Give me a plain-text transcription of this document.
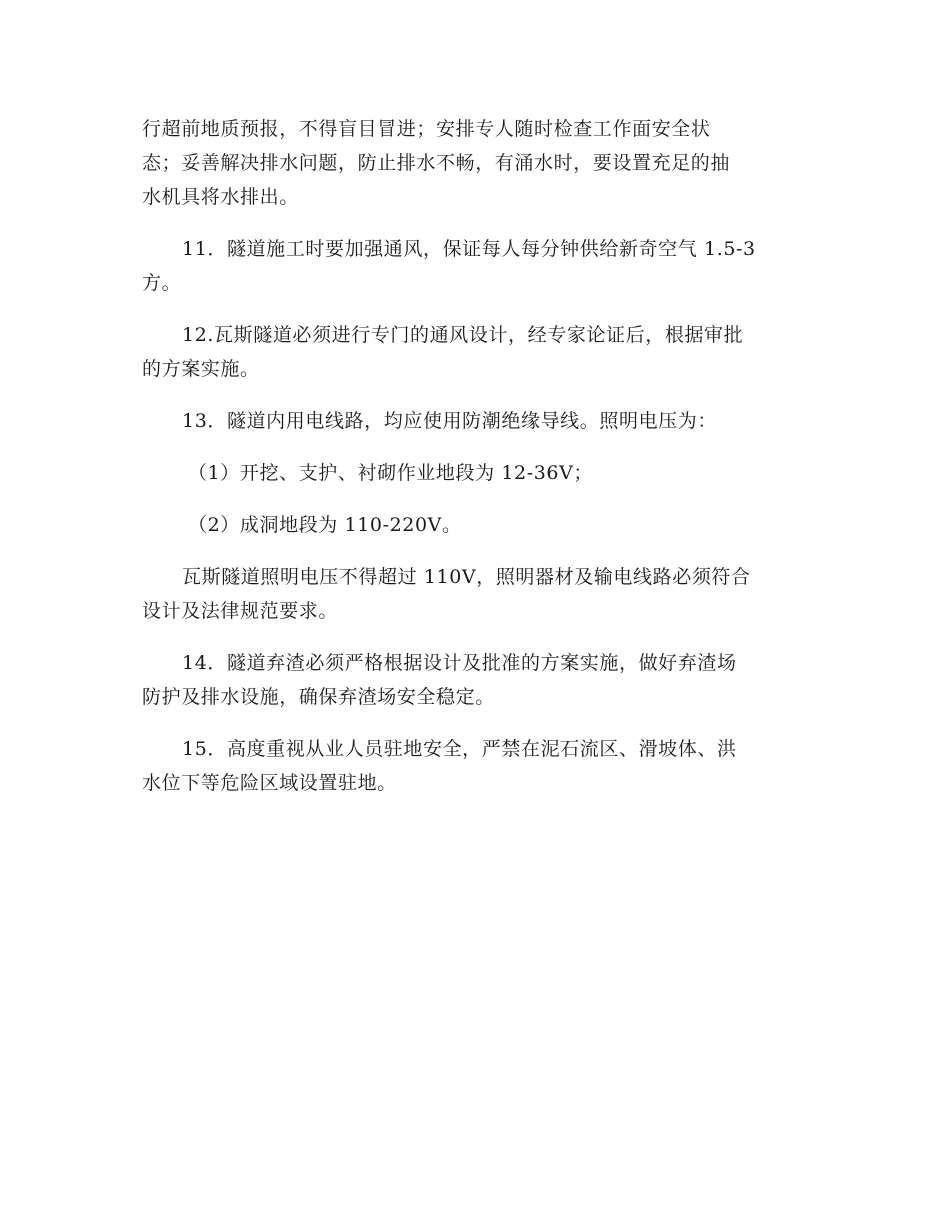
行超前地质预报，不得盲目冒进；安排专人随时检查工作面安全状
态；妥善解决排水问题，防止排水不畅，有涌水时，要设置充足的抽
水机具将水排出。
11．隧道施工时要加强通风，保证每人每分钟供给新奇空气 1.5-3
方。
12.瓦斯隧道必须进行专门的通风设计，经专家论证后，根据审批
的方案实施。
13．隧道内用电线路，均应使用防潮绝缘导线。照明电压为：
（1）开挖、支护、衬砌作业地段为 12-36V；
（2）成洞地段为 110-220V。
瓦斯隧道照明电压不得超过 110V，照明器材及输电线路必须符合
设计及法律规范要求。
14．隧道弃渣必须严格根据设计及批准的方案实施，做好弃渣场
防护及排水设施，确保弃渣场安全稳定。
15．高度重视从业人员驻地安全，严禁在泥石流区、滑坡体、洪
水位下等危险区域设置驻地。
